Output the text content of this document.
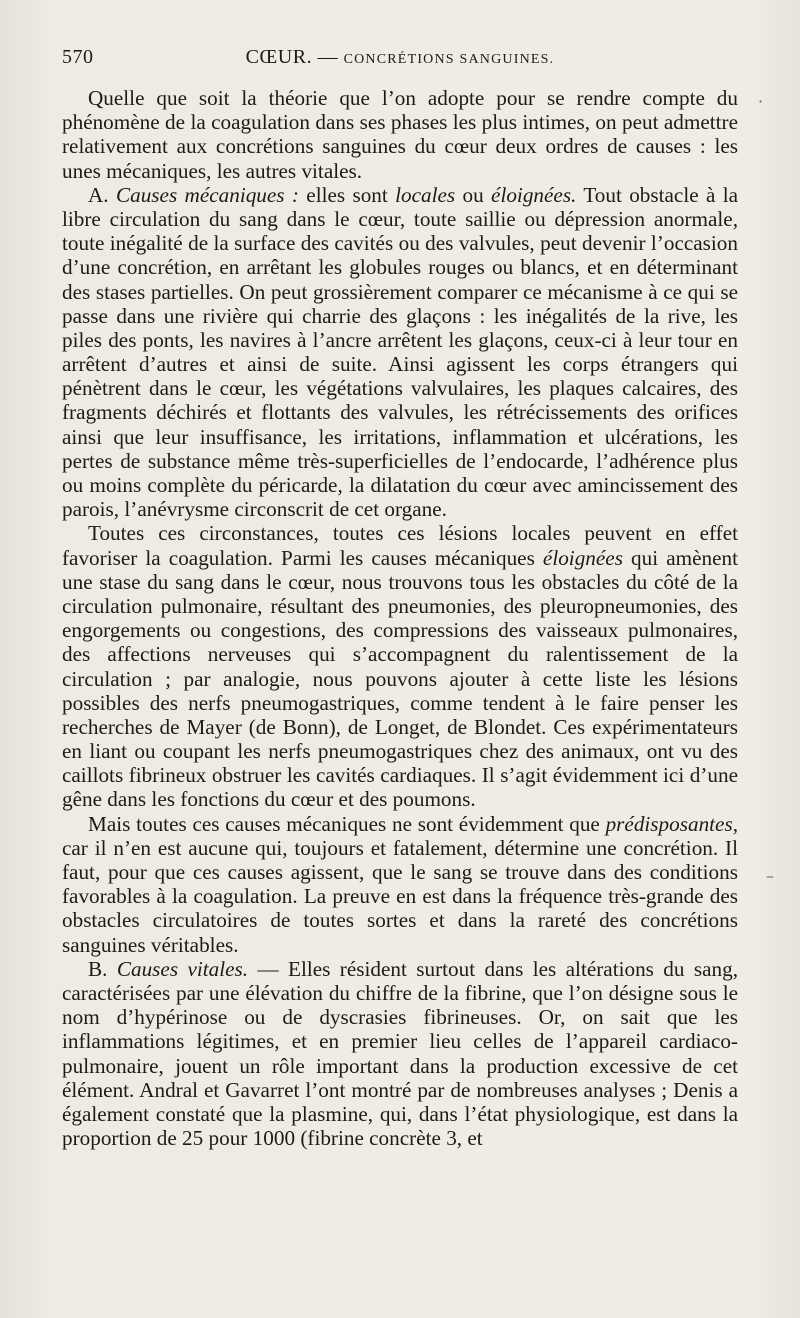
570	CŒUR. — CONCRÉTIONS SANGUINES.

Quelle que soit la théorie que l’on adopte pour se rendre compte du phénomène de la coagulation dans ses phases les plus intimes, on peut admettre relativement aux concrétions sanguines du cœur deux ordres de causes : les unes mécaniques, les autres vitales.

A. Causes mécaniques : elles sont locales ou éloignées. Tout obstacle à la libre circulation du sang dans le cœur, toute saillie ou dépression anormale, toute inégalité de la surface des cavités ou des valvules, peut devenir l’occasion d’une concrétion, en arrêtant les globules rouges ou blancs, et en déterminant des stases partielles. On peut grossièrement comparer ce mécanisme à ce qui se passe dans une rivière qui charrie des glaçons : les inégalités de la rive, les piles des ponts, les navires à l’ancre arrêtent les glaçons, ceux-ci à leur tour en arrêtent d’autres et ainsi de suite. Ainsi agissent les corps étrangers qui pénètrent dans le cœur, les végétations valvulaires, les plaques calcaires, des fragments déchirés et flottants des valvules, les rétrécissements des orifices ainsi que leur insuffisance, les irritations, inflammation et ulcérations, les pertes de substance même très-superficielles de l’endocarde, l’adhérence plus ou moins complète du péricarde, la dilatation du cœur avec amincissement des parois, l’anévrysme circonscrit de cet organe.

Toutes ces circonstances, toutes ces lésions locales peuvent en effet favoriser la coagulation. Parmi les causes mécaniques éloignées qui amènent une stase du sang dans le cœur, nous trouvons tous les obstacles du côté de la circulation pulmonaire, résultant des pneumonies, des pleuropneumonies, des engorgements ou congestions, des compressions des vaisseaux pulmonaires, des affections nerveuses qui s’accompagnent du ralentissement de la circulation ; par analogie, nous pouvons ajouter à cette liste les lésions possibles des nerfs pneumogastriques, comme tendent à le faire penser les recherches de Mayer (de Bonn), de Longet, de Blondet. Ces expérimentateurs en liant ou coupant les nerfs pneumogastriques chez des animaux, ont vu des caillots fibrineux obstruer les cavités cardiaques. Il s’agit évidemment ici d’une gêne dans les fonctions du cœur et des poumons.

Mais toutes ces causes mécaniques ne sont évidemment que prédisposantes, car il n’en est aucune qui, toujours et fatalement, détermine une concrétion. Il faut, pour que ces causes agissent, que le sang se trouve dans des conditions favorables à la coagulation. La preuve en est dans la fréquence très-grande des obstacles circulatoires de toutes sortes et dans la rareté des concrétions sanguines véritables.

B. Causes vitales. — Elles résident surtout dans les altérations du sang, caractérisées par une élévation du chiffre de la fibrine, que l’on désigne sous le nom d’hypérinose ou de dyscrasies fibrineuses. Or, on sait que les inflammations légitimes, et en premier lieu celles de l’appareil cardiaco-pulmonaire, jouent un rôle important dans la production excessive de cet élément. Andral et Gavarret l’ont montré par de nombreuses analyses ; Denis a également constaté que la plasmine, qui, dans l’état physiologique, est dans la proportion de 25 pour 1000 (fibrine concrète 3, et

·
–
